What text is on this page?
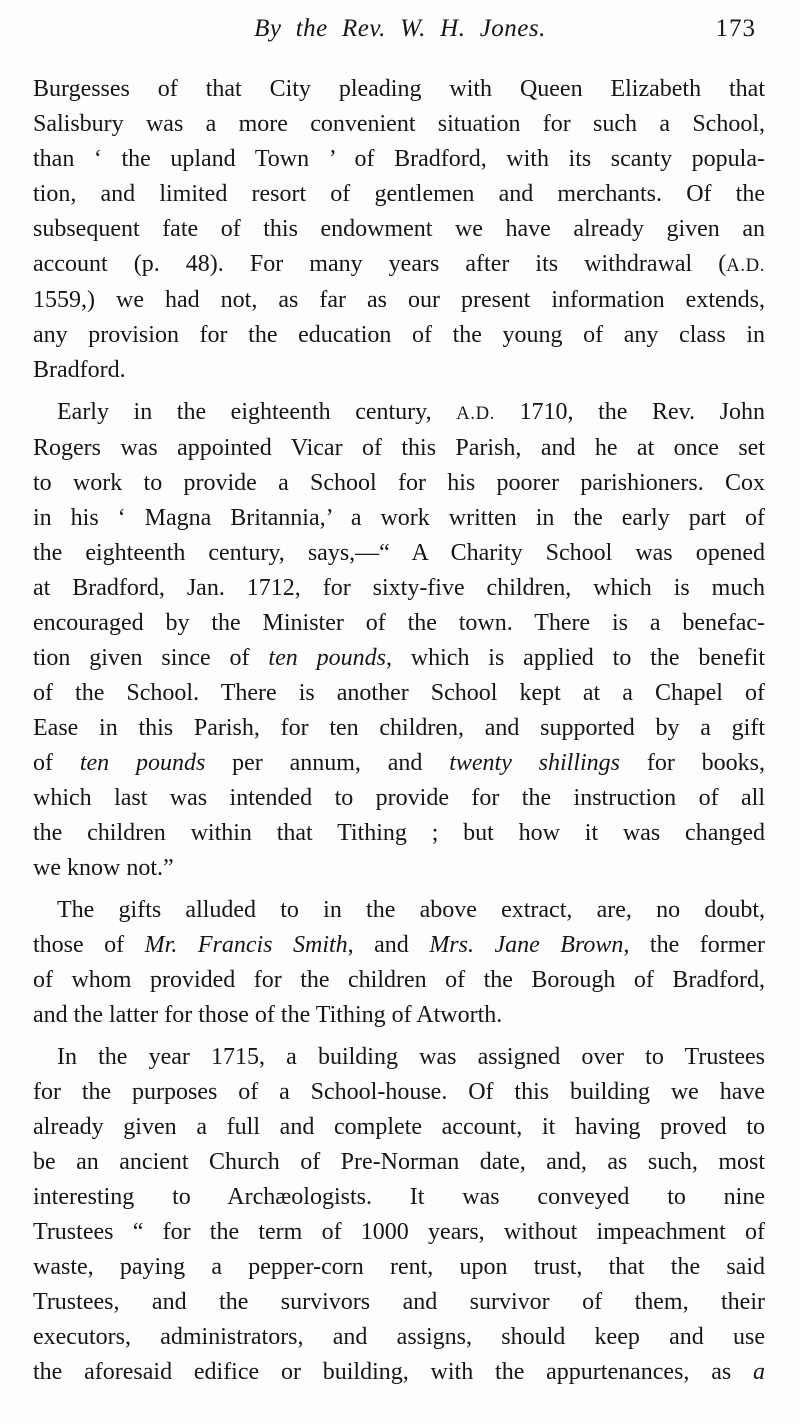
By the Rev. W. H. Jones.	173
Burgesses of that City pleading with Queen Elizabeth that
Salisbury was a more convenient situation for such a School,
than ‘ the upland Town ’ of Bradford, with its scanty popula-
tion, and limited resort of gentlemen and merchants. Of the
subsequent fate of this endowment we have already given an
account (p. 48). For many years after its withdrawal (A.D.
1559,) we had not, as far as our present information extends,
any provision for the education of the young of any class in
Bradford.
Early in the eighteenth century, A.D. 1710, the Rev. John
Rogers was appointed Vicar of this Parish, and he at once set
to work to provide a School for his poorer parishioners. Cox
in his ‘ Magna Britannia,’ a work written in the early part of
the eighteenth century, says,—“ A Charity School was opened
at Bradford, Jan. 1712, for sixty-five children, which is much
encouraged by the Minister of the town. There is a benefac-
tion given since of ten pounds, which is applied to the benefit
of the School. There is another School kept at a Chapel of
Ease in this Parish, for ten children, and supported by a gift
of ten pounds per annum, and twenty shillings for books,
which last was intended to provide for the instruction of all
the children within that Tithing ; but how it was changed
we know not.”
The gifts alluded to in the above extract, are, no doubt,
those of Mr. Francis Smith, and Mrs. Jane Brown, the former
of whom provided for the children of the Borough of Bradford,
and the latter for those of the Tithing of Atworth.
In the year 1715, a building was assigned over to Trustees
for the purposes of a School-house. Of this building we have
already given a full and complete account, it having proved to
be an ancient Church of Pre-Norman date, and, as such, most
interesting to Archæologists. It was conveyed to nine
Trustees “ for the term of 1000 years, without impeachment of
waste, paying a pepper-corn rent, upon trust, that the said
Trustees, and the survivors and survivor of them, their
executors, administrators, and assigns, should keep and use
the aforesaid edifice or building, with the appurtenances, as a
